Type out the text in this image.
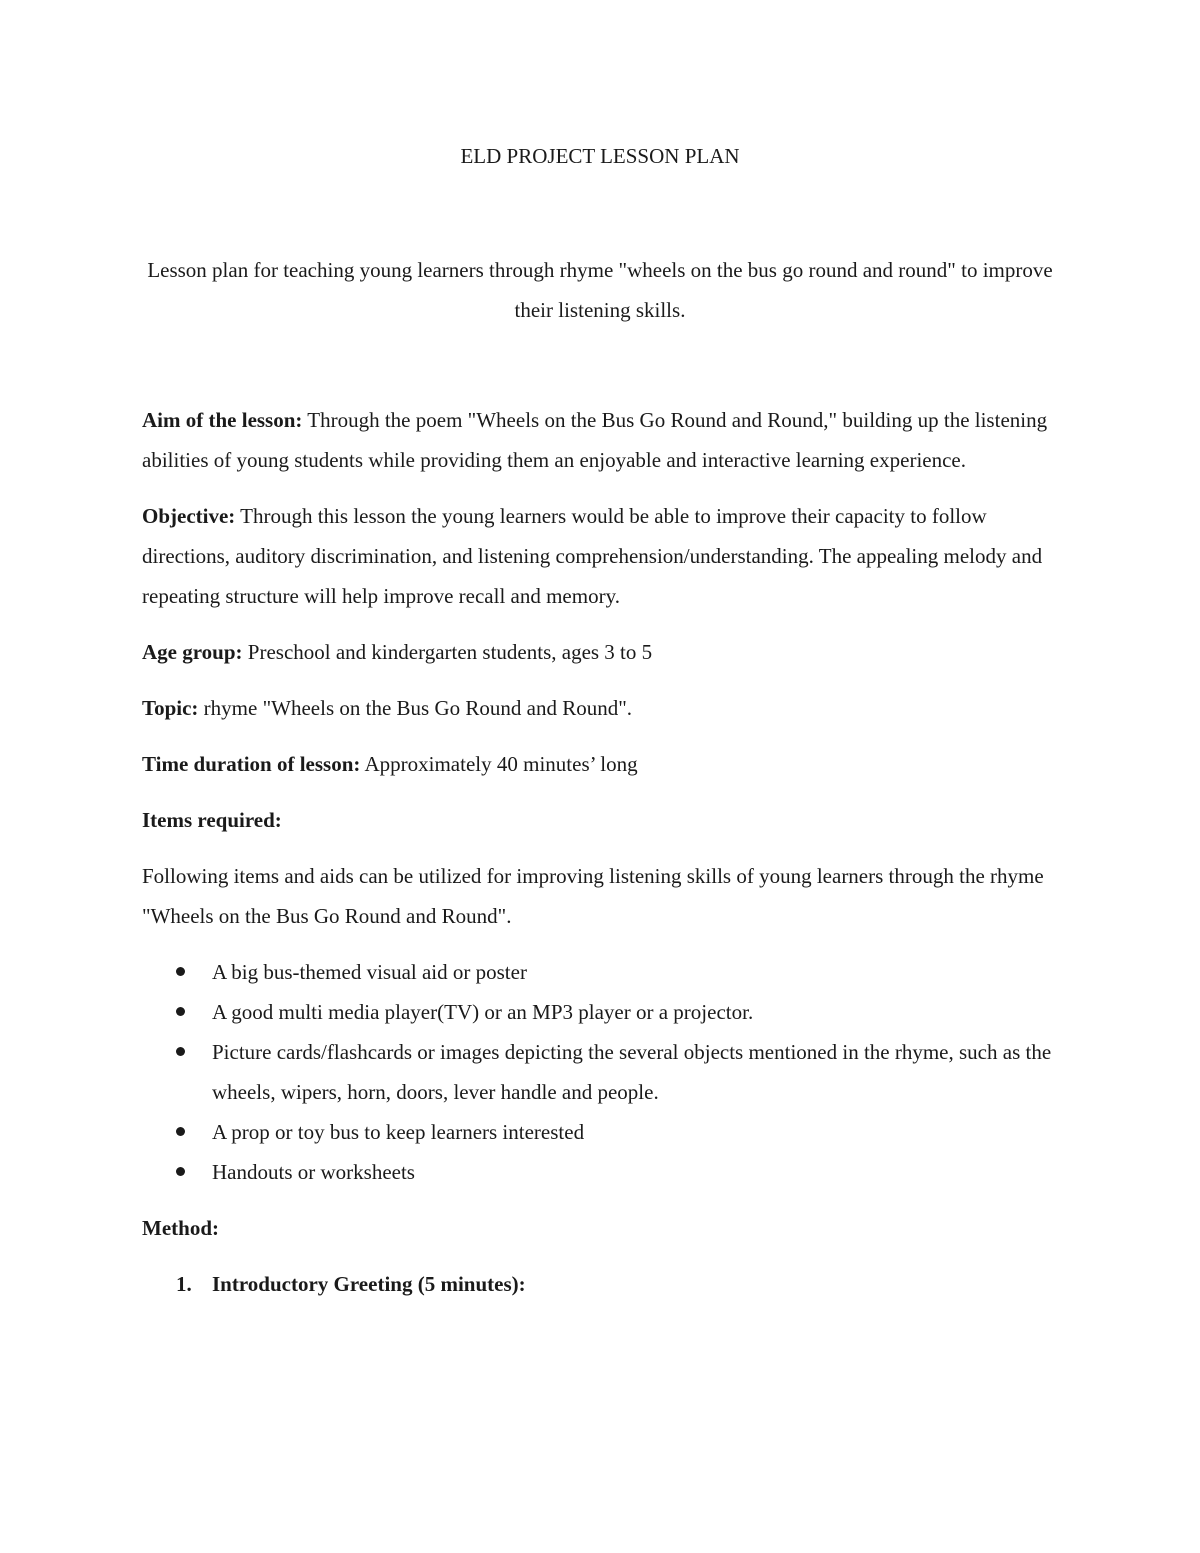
ELD PROJECT LESSON PLAN

Lesson plan for teaching young learners through rhyme "wheels on the bus go round and round" to improve their listening skills.

Aim of the lesson: Through the poem "Wheels on the Bus Go Round and Round," building up the listening abilities of young students while providing them an enjoyable and interactive learning experience.

Objective: Through this lesson the young learners would be able to improve their capacity to follow directions, auditory discrimination, and listening comprehension/understanding. The appealing melody and repeating structure will help improve recall and memory.

Age group: Preschool and kindergarten students, ages 3 to 5

Topic: rhyme "Wheels on the Bus Go Round and Round".

Time duration of lesson: Approximately 40 minutes’ long

Items required:

Following items and aids can be utilized for improving listening skills of young learners through the rhyme "Wheels on the Bus Go Round and Round".

A big bus-themed visual aid or poster
A good multi media player(TV) or an MP3 player or a projector.
Picture cards/flashcards or images depicting the several objects mentioned in the rhyme, such as the wheels, wipers, horn, doors, lever handle and people.
A prop or toy bus to keep learners interested
Handouts or worksheets

Method:

1. Introductory Greeting (5 minutes):
